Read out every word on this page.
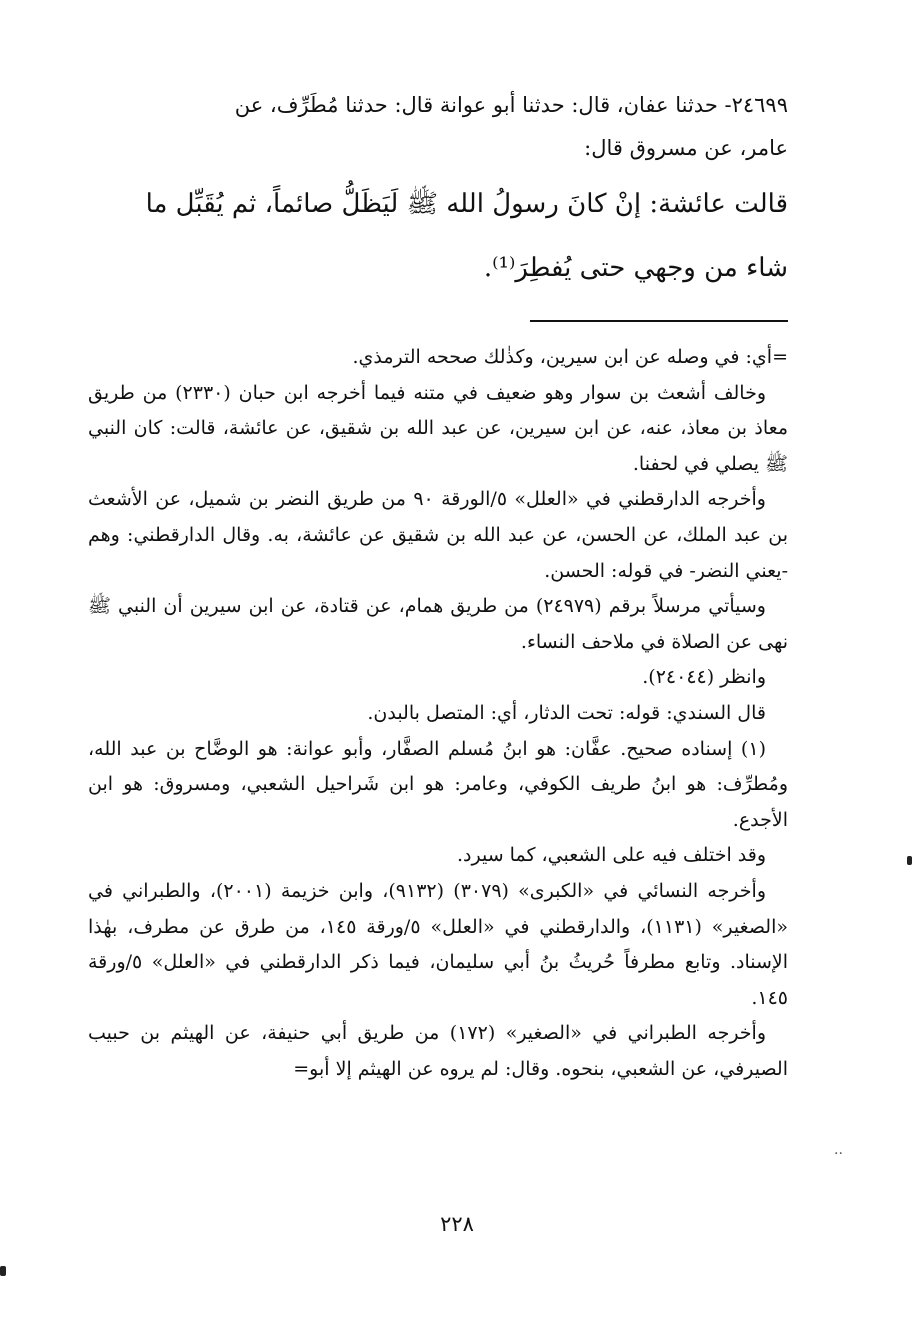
٢٤٦٩٩- حدثنا عفان، قال: حدثنا أبو عوانة قال: حدثنا مُطَرِّف، عن

عامر، عن مسروق قال:

قالت عائشة: إنْ كانَ رسولُ الله ﷺ لَيَظَلُّ صائماً، ثم يُقَبِّل ما

شاء من وجهي حتى يُفطِرَ⁽¹⁾.

=أي: في وصله عن ابن سيرين، وكذٰلك صححه الترمذي.

وخالف أشعث بن سوار وهو ضعيف في متنه فيما أخرجه ابن حبان (٢٣٣٠) من طريق معاذ بن معاذ، عنه، عن ابن سيرين، عن عبد الله بن شقيق، عن عائشة، قالت: كان النبي ﷺ يصلي في لحفنا.

وأخرجه الدارقطني في «العلل» ٥/الورقة ٩٠ من طريق النضر بن شميل، عن الأشعث بن عبد الملك، عن الحسن، عن عبد الله بن شقيق عن عائشة، به. وقال الدارقطني: وهم -يعني النضر- في قوله: الحسن.

وسيأتي مرسلاً برقم (٢٤٩٧٩) من طريق همام، عن قتادة، عن ابن سيرين أن النبي ﷺ نهى عن الصلاة في ملاحف النساء.

وانظر (٢٤٠٤٤).

قال السندي: قوله: تحت الدثار، أي: المتصل بالبدن.

(١) إسناده صحيح. عفَّان: هو ابنُ مُسلم الصفَّار، وأبو عوانة: هو الوضَّاح بن عبد الله، ومُطرِّف: هو ابنُ طريف الكوفي، وعامر: هو ابن شَراحيل الشعبي، ومسروق: هو ابن الأجدع.

وقد اختلف فيه على الشعبي، كما سيرد.

وأخرجه النسائي في «الكبرى» (٣٠٧٩) (٩١٣٢)، وابن خزيمة (٢٠٠١)، والطبراني في «الصغير» (١١٣١)، والدارقطني في «العلل» ٥/ورقة ١٤٥، من طرق عن مطرف، بهٰذا الإسناد. وتابع مطرفاً حُريثُ بنُ أبي سليمان، فيما ذكر الدارقطني في «العلل» ٥/ورقة ١٤٥.

وأخرجه الطبراني في «الصغير» (١٧٢) من طريق أبي حنيفة، عن الهيثم بن حبيب الصيرفي، عن الشعبي، بنحوه. وقال: لم يروه عن الهيثم إلا أبو=

٢٢٨
..
